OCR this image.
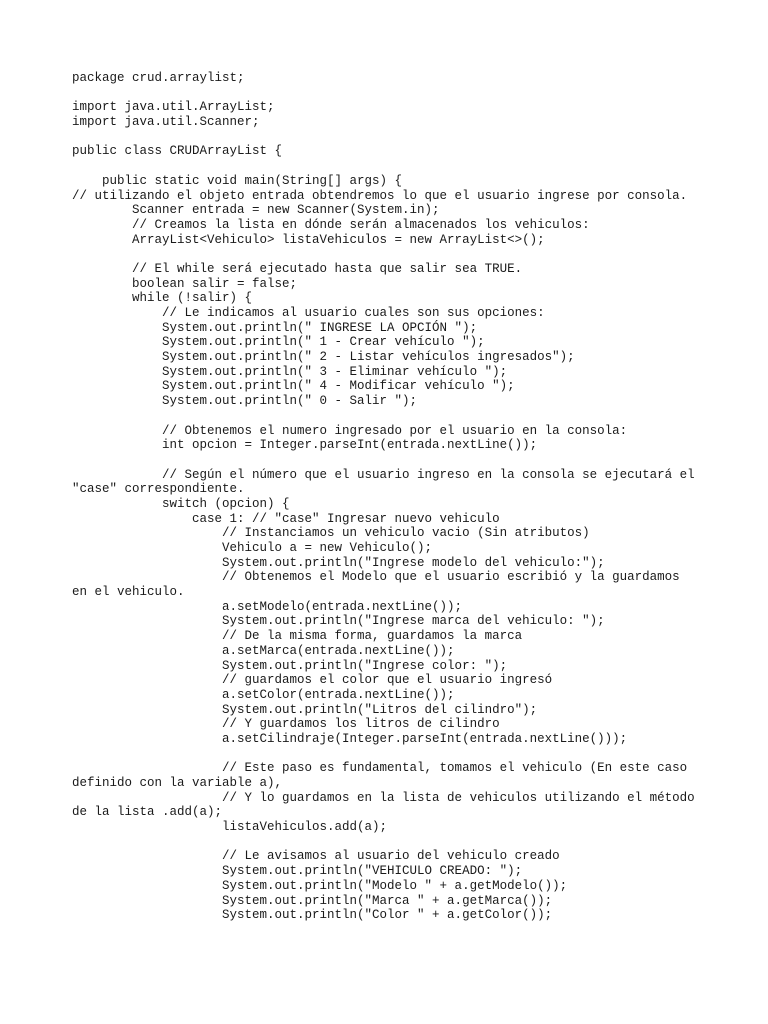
package crud.arraylist;
import java.util.ArrayList;
import java.util.Scanner;
public class CRUDArrayList {
public static void main(String[] args) {
// utilizando el objeto entrada obtendremos lo que el usuario ingrese por consola.
Scanner entrada = new Scanner(System.in);
// Creamos la lista en dónde serán almacenados los vehiculos:
ArrayList<Vehiculo> listaVehiculos = new ArrayList<>();
// El while será ejecutado hasta que salir sea TRUE.
boolean salir = false;
while (!salir) {
// Le indicamos al usuario cuales son sus opciones:
System.out.println(" INGRESE LA OPCIÓN ");
System.out.println(" 1 - Crear vehículo ");
System.out.println(" 2 - Listar vehículos ingresados");
System.out.println(" 3 - Eliminar vehículo ");
System.out.println(" 4 - Modificar vehículo ");
System.out.println(" 0 - Salir ");
// Obtenemos el numero ingresado por el usuario en la consola:
int opcion = Integer.parseInt(entrada.nextLine());
// Según el número que el usuario ingreso en la consola se ejecutará el
"case" correspondiente.
switch (opcion) {
case 1: // "case" Ingresar nuevo vehiculo
// Instanciamos un vehiculo vacio (Sin atributos)
Vehiculo a = new Vehiculo();
System.out.println("Ingrese modelo del vehiculo:");
// Obtenemos el Modelo que el usuario escribió y la guardamos
en el vehiculo.
a.setModelo(entrada.nextLine());
System.out.println("Ingrese marca del vehiculo: ");
// De la misma forma, guardamos la marca
a.setMarca(entrada.nextLine());
System.out.println("Ingrese color: ");
// guardamos el color que el usuario ingresó
a.setColor(entrada.nextLine());
System.out.println("Litros del cilindro");
// Y guardamos los litros de cilindro
a.setCilindraje(Integer.parseInt(entrada.nextLine()));
// Este paso es fundamental, tomamos el vehiculo (En este caso
definido con la variable a),
// Y lo guardamos en la lista de vehiculos utilizando el método
de la lista .add(a);
listaVehiculos.add(a);
// Le avisamos al usuario del vehiculo creado
System.out.println("VEHICULO CREADO: ");
System.out.println("Modelo " + a.getModelo());
System.out.println("Marca " + a.getMarca());
System.out.println("Color " + a.getColor());
